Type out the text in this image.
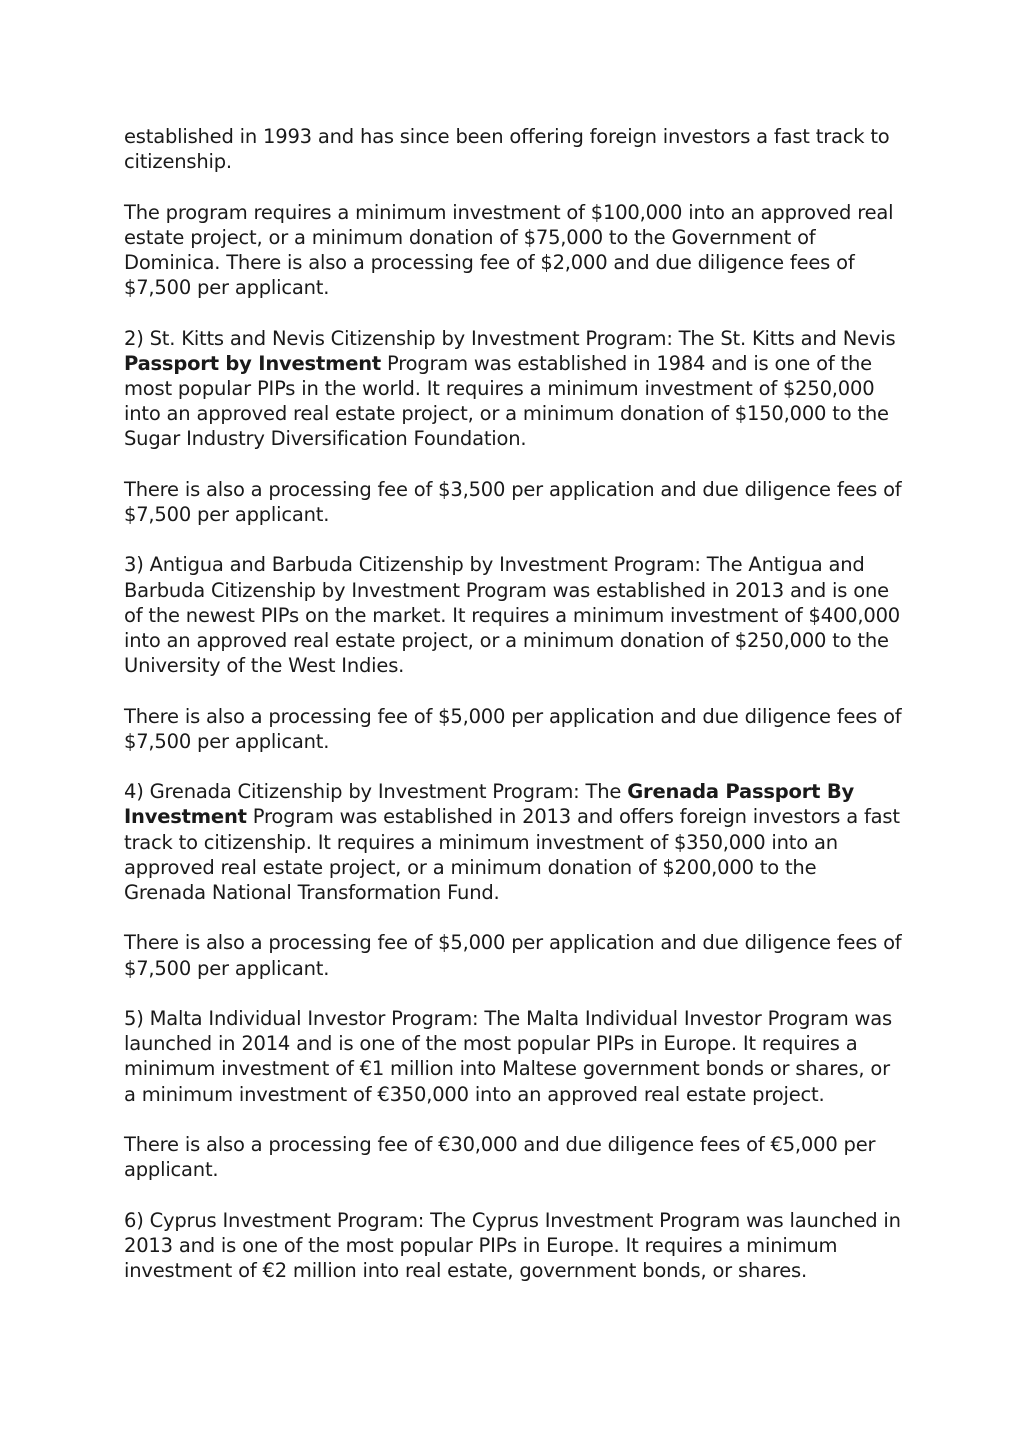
established in 1993 and has since been offering foreign investors a fast track to citizenship.

The program requires a minimum investment of $100,000 into an approved real estate project, or a minimum donation of $75,000 to the Government of Dominica. There is also a processing fee of $2,000 and due diligence fees of $7,500 per applicant.

2) St. Kitts and Nevis Citizenship by Investment Program: The St. Kitts and Nevis Passport by Investment Program was established in 1984 and is one of the most popular PIPs in the world. It requires a minimum investment of $250,000 into an approved real estate project, or a minimum donation of $150,000 to the Sugar Industry Diversification Foundation.

There is also a processing fee of $3,500 per application and due diligence fees of $7,500 per applicant.

3) Antigua and Barbuda Citizenship by Investment Program: The Antigua and Barbuda Citizenship by Investment Program was established in 2013 and is one of the newest PIPs on the market. It requires a minimum investment of $400,000 into an approved real estate project, or a minimum donation of $250,000 to the University of the West Indies.

There is also a processing fee of $5,000 per application and due diligence fees of $7,500 per applicant.

4) Grenada Citizenship by Investment Program: The Grenada Passport By Investment Program was established in 2013 and offers foreign investors a fast track to citizenship. It requires a minimum investment of $350,000 into an approved real estate project, or a minimum donation of $200,000 to the Grenada National Transformation Fund.

There is also a processing fee of $5,000 per application and due diligence fees of $7,500 per applicant.

5) Malta Individual Investor Program: The Malta Individual Investor Program was launched in 2014 and is one of the most popular PIPs in Europe. It requires a minimum investment of €1 million into Maltese government bonds or shares, or a minimum investment of €350,000 into an approved real estate project.

There is also a processing fee of €30,000 and due diligence fees of €5,000 per applicant.

6) Cyprus Investment Program: The Cyprus Investment Program was launched in 2013 and is one of the most popular PIPs in Europe. It requires a minimum investment of €2 million into real estate, government bonds, or shares.
